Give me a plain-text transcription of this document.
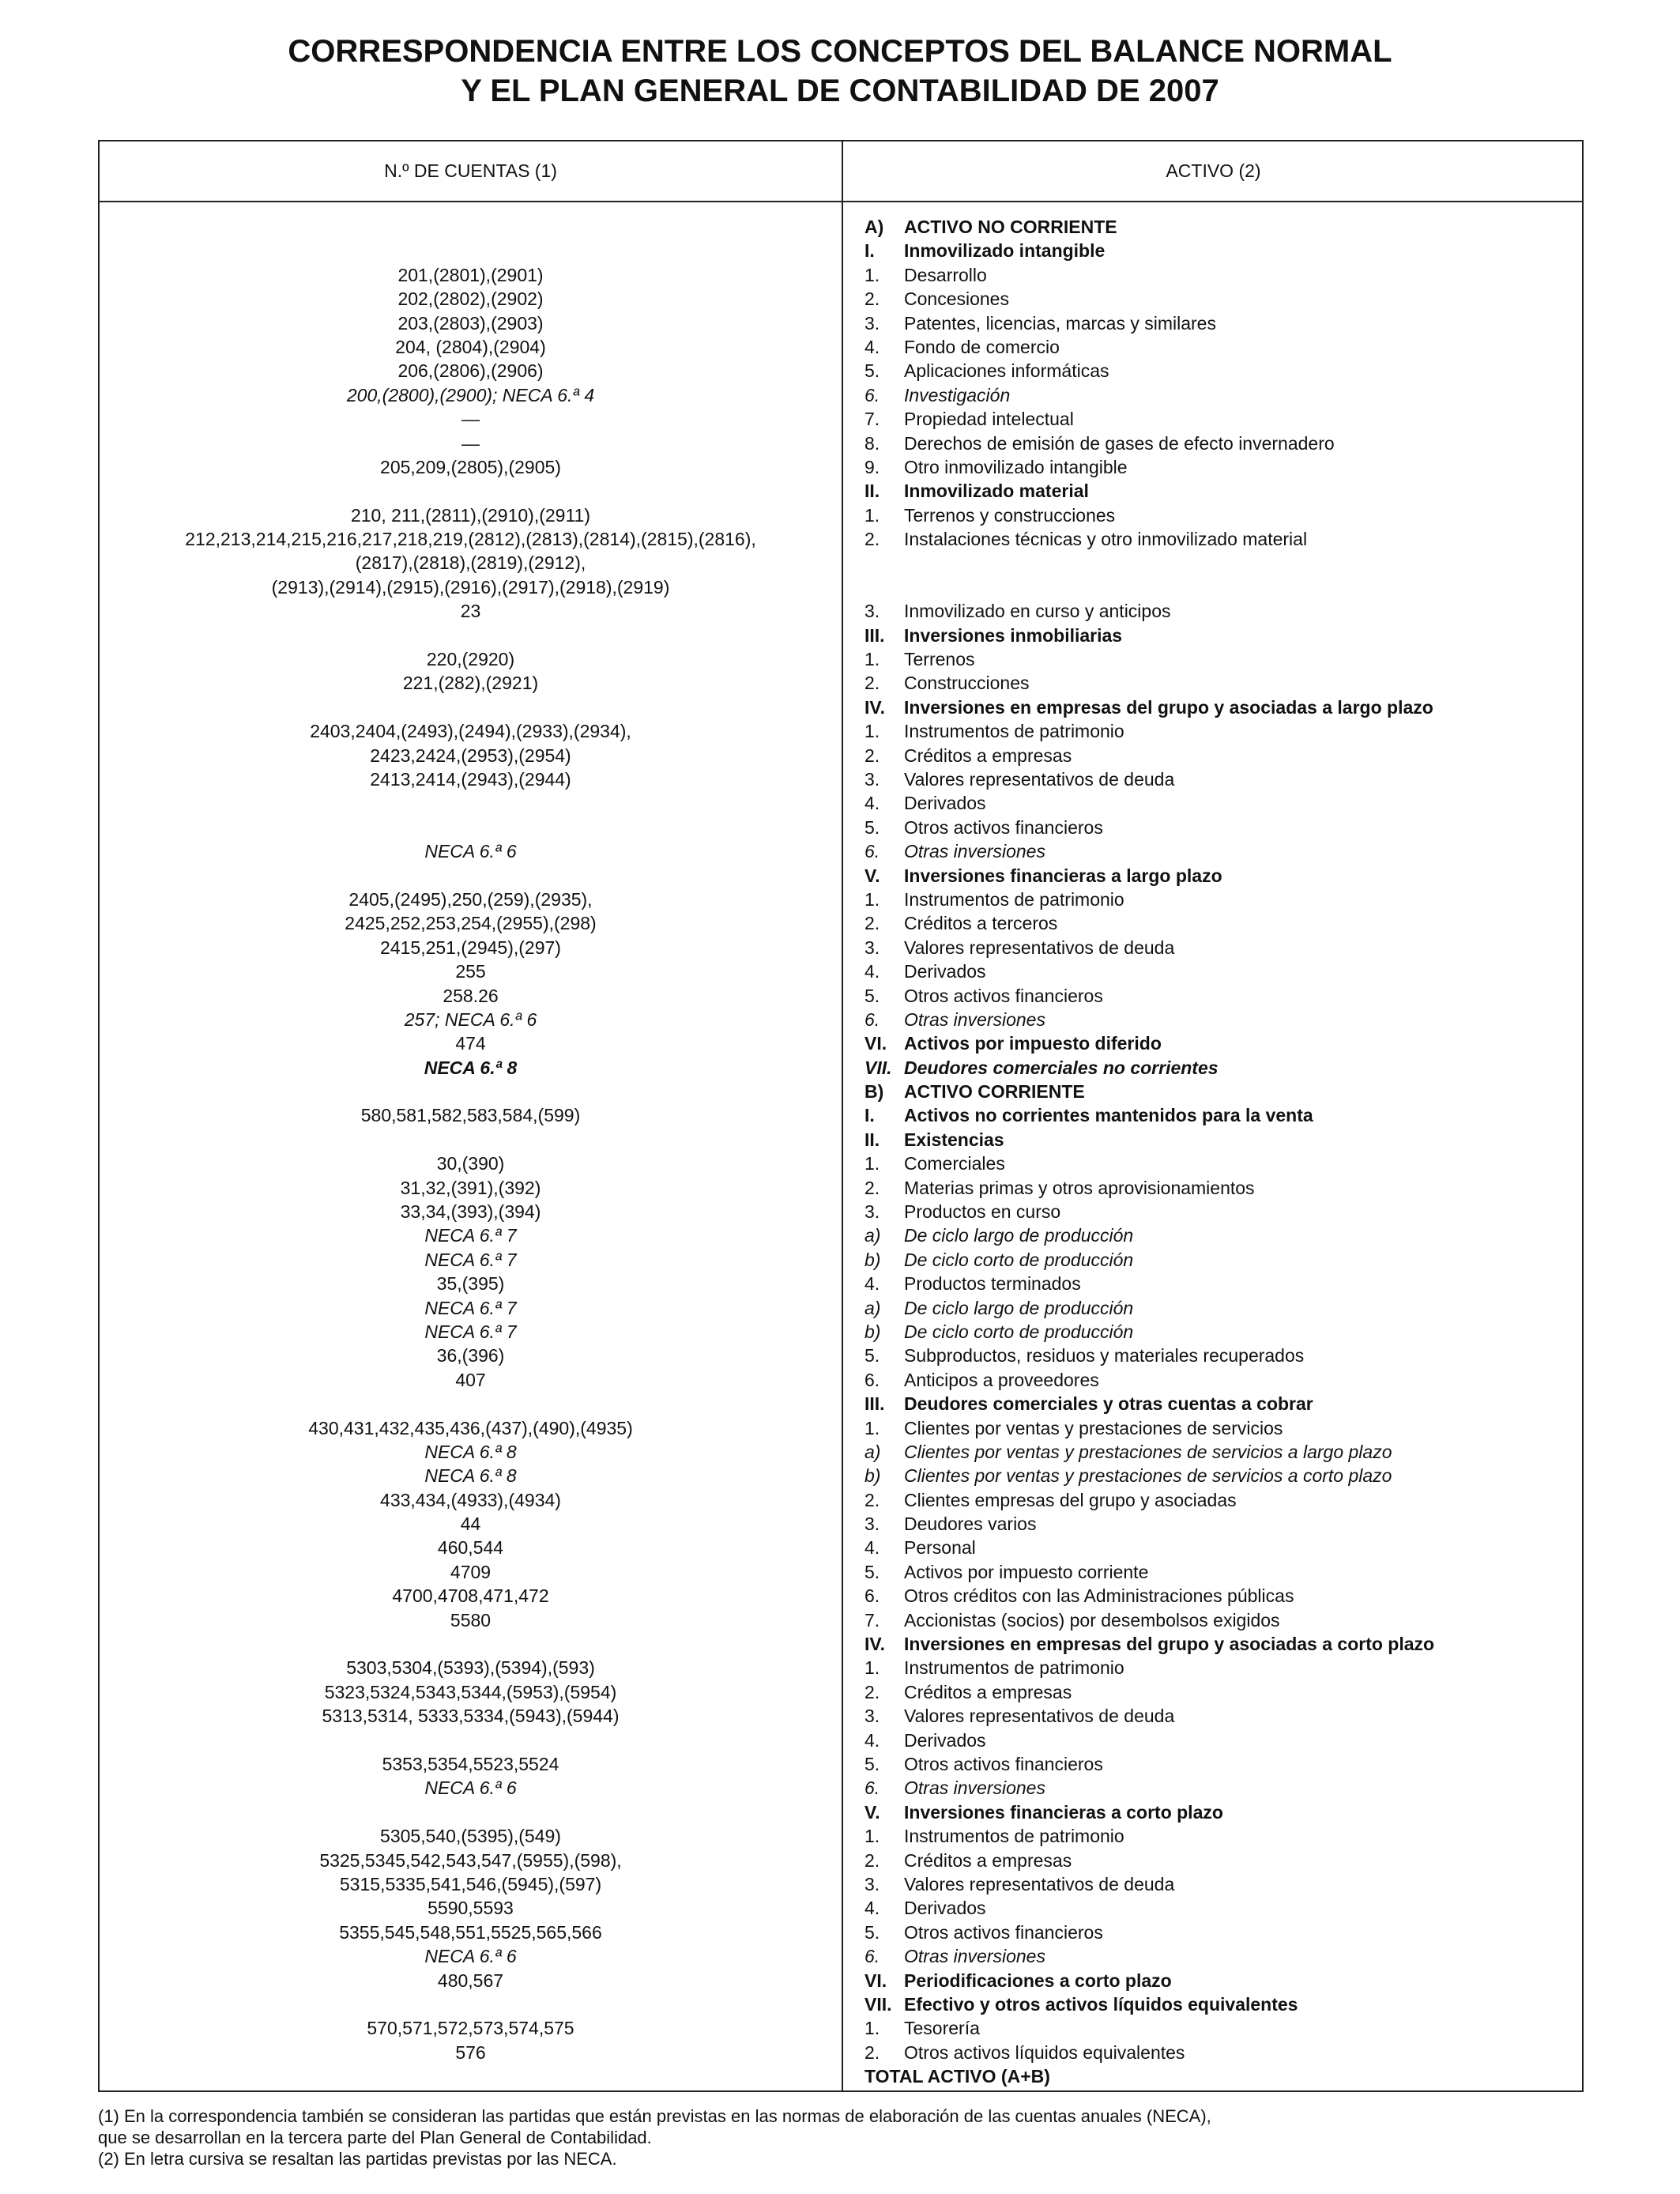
CORRESPONDENCIA ENTRE LOS CONCEPTOS DEL BALANCE NORMAL
Y EL PLAN GENERAL DE CONTABILIDAD DE 2007
N.º DE CUENTAS (1)	ACTIVO (2)
A) ACTIVO NO CORRIENTE
I. Inmovilizado intangible
201,(2801),(2901)	1. Desarrollo
202,(2802),(2902)	2. Concesiones
203,(2803),(2903)	3. Patentes, licencias, marcas y similares
204, (2804),(2904)	4. Fondo de comercio
206,(2806),(2906)	5. Aplicaciones informáticas
200,(2800),(2900); NECA 6.ª 4	6. Investigación
—	7. Propiedad intelectual
—	8. Derechos de emisión de gases de efecto invernadero
205,209,(2805),(2905)	9. Otro inmovilizado intangible
II. Inmovilizado material
210, 211,(2811),(2910),(2911)	1. Terrenos y construcciones
212,213,214,215,216,217,218,219,(2812),(2813),(2814),(2815),(2816),	2. Instalaciones técnicas y otro inmovilizado material
(2817),(2818),(2819),(2912),
(2913),(2914),(2915),(2916),(2917),(2918),(2919)
23	3. Inmovilizado en curso y anticipos
III. Inversiones inmobiliarias
220,(2920)	1. Terrenos
221,(282),(2921)	2. Construcciones
IV. Inversiones en empresas del grupo y asociadas a largo plazo
2403,2404,(2493),(2494),(2933),(2934),	1. Instrumentos de patrimonio
2423,2424,(2953),(2954)	2. Créditos a empresas
2413,2414,(2943),(2944)	3. Valores representativos de deuda
4. Derivados
5. Otros activos financieros
NECA 6.ª 6	6. Otras inversiones
V. Inversiones financieras a largo plazo
2405,(2495),250,(259),(2935),	1. Instrumentos de patrimonio
2425,252,253,254,(2955),(298)	2. Créditos a terceros
2415,251,(2945),(297)	3. Valores representativos de deuda
255	4. Derivados
258.26	5. Otros activos financieros
257; NECA 6.ª 6	6. Otras inversiones
474	VI. Activos por impuesto diferido
NECA 6.ª 8	VII. Deudores comerciales no corrientes
B) ACTIVO CORRIENTE
580,581,582,583,584,(599)	I. Activos no corrientes mantenidos para la venta
II. Existencias
30,(390)	1. Comerciales
31,32,(391),(392)	2. Materias primas y otros aprovisionamientos
33,34,(393),(394)	3. Productos en curso
NECA 6.ª 7	a) De ciclo largo de producción
NECA 6.ª 7	b) De ciclo corto de producción
35,(395)	4. Productos terminados
NECA 6.ª 7	a) De ciclo largo de producción
NECA 6.ª 7	b) De ciclo corto de producción
36,(396)	5. Subproductos, residuos y materiales recuperados
407	6. Anticipos a proveedores
III. Deudores comerciales y otras cuentas a cobrar
430,431,432,435,436,(437),(490),(4935)	1. Clientes por ventas y prestaciones de servicios
NECA 6.ª 8	a) Clientes por ventas y prestaciones de servicios a largo plazo
NECA 6.ª 8	b) Clientes por ventas y prestaciones de servicios a corto plazo
433,434,(4933),(4934)	2. Clientes empresas del grupo y asociadas
44	3. Deudores varios
460,544	4. Personal
4709	5. Activos por impuesto corriente
4700,4708,471,472	6. Otros créditos con las Administraciones públicas
5580	7. Accionistas (socios) por desembolsos exigidos
IV. Inversiones en empresas del grupo y asociadas a corto plazo
5303,5304,(5393),(5394),(593)	1. Instrumentos de patrimonio
5323,5324,5343,5344,(5953),(5954)	2. Créditos a empresas
5313,5314, 5333,5334,(5943),(5944)	3. Valores representativos de deuda
4. Derivados
5353,5354,5523,5524	5. Otros activos financieros
NECA 6.ª 6	6. Otras inversiones
V. Inversiones financieras a corto plazo
5305,540,(5395),(549)	1. Instrumentos de patrimonio
5325,5345,542,543,547,(5955),(598),	2. Créditos a empresas
5315,5335,541,546,(5945),(597)	3. Valores representativos de deuda
5590,5593	4. Derivados
5355,545,548,551,5525,565,566	5. Otros activos financieros
NECA 6.ª 6	6. Otras inversiones
480,567	VI. Periodificaciones a corto plazo
VII. Efectivo y otros activos líquidos equivalentes
570,571,572,573,574,575	1. Tesorería
576	2. Otros activos líquidos equivalentes
TOTAL ACTIVO (A+B)
(1) En la correspondencia también se consideran las partidas que están previstas en las normas de elaboración de las cuentas anuales (NECA),
que se desarrollan en la tercera parte del Plan General de Contabilidad.
(2) En letra cursiva se resaltan las partidas previstas por las NECA.
